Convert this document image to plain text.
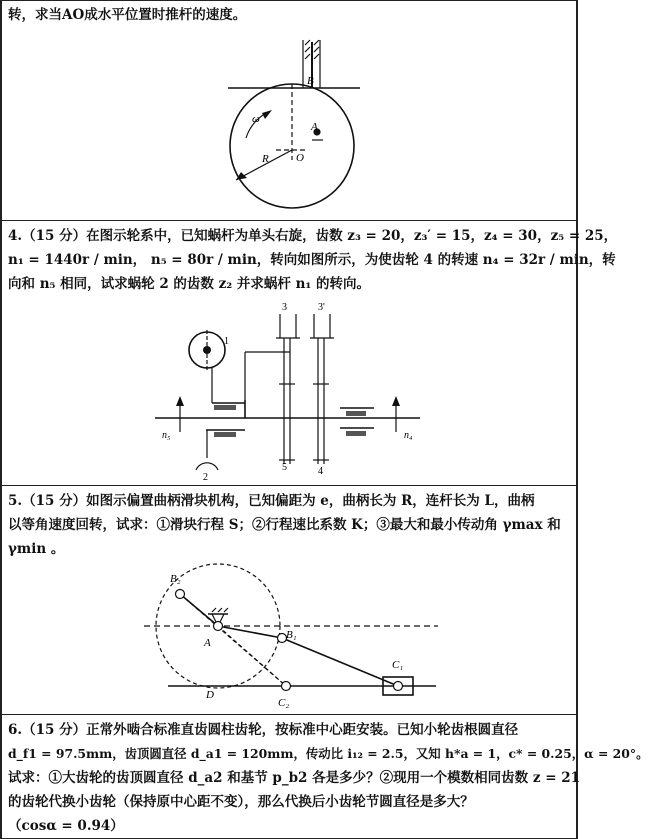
转，求当AO成水平位置时推杆的速度。
B
A
R O
ω
4.（15 分）在图示轮系中，已知蜗杆为单头右旋，齿数 z₃ = 20，z₃′ = 15，z₄ = 30，z₅ = 25，
n₁ = 1440r / min， n₅ = 80r / min，转向如图所示，为使齿轮 4 的转速 n₄ = 32r / min，转
向和 n₅ 相同，试求蜗轮 2 的齿数 z₂ 并求蜗杆 n₁ 的转向。
1
2
3	3'
4
5
n₅	n₄
5.（15 分）如图示偏置曲柄滑块机构，已知偏距为 e，曲柄长为 R，连杆长为 L，曲柄
以等角速度回转，试求：①滑块行程 S；②行程速比系数 K；③最大和最小传动角 γmax 和
γmin 。
B₂
A
B₁
C₁
D
C₂
6.（15 分）正常外啮合标准直齿圆柱齿轮，按标准中心距安装。已知小轮齿根圆直径
d_f1 = 97.5mm，齿顶圆直径 d_a1 = 120mm，传动比 i₁₂ = 2.5，又知 h*a = 1，c* = 0.25，α = 20°。
试求：①大齿轮的齿顶圆直径 d_a2 和基节 p_b2 各是多少？②现用一个模数相同齿数 z = 21
的齿轮代换小齿轮（保持原中心距不变），那么代换后小齿轮节圆直径是多大？
（cosα = 0.94）
